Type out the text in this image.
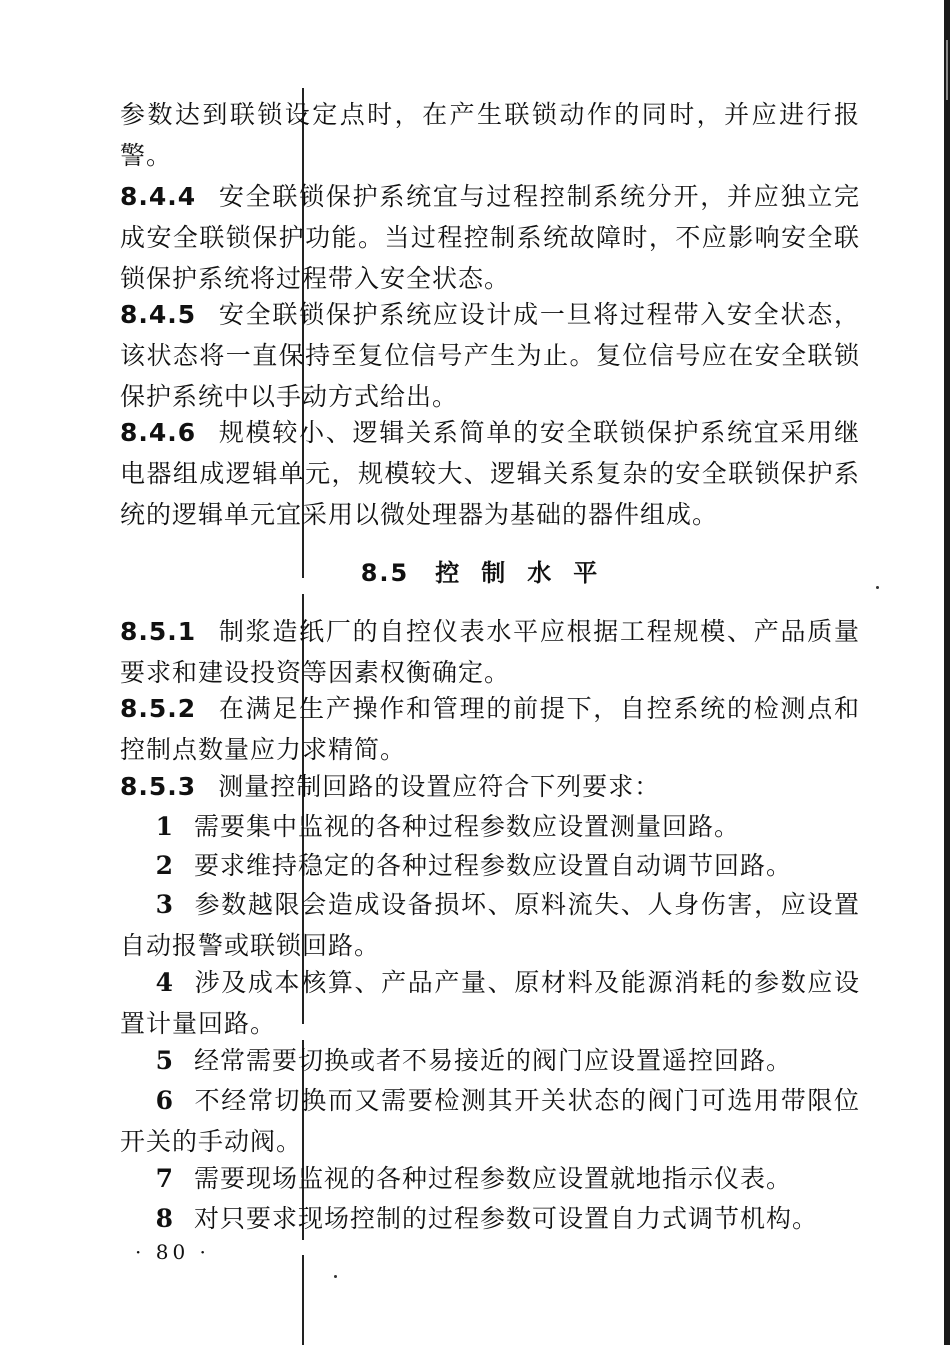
参数达到联锁设定点时，在产生联锁动作的同时，并应进行报警。

8.4.4 安全联锁保护系统宜与过程控制系统分开，并应独立完成安全联锁保护功能。当过程控制系统故障时，不应影响安全联锁保护系统将过程带入安全状态。

8.4.5 安全联锁保护系统应设计成一旦将过程带入安全状态，该状态将一直保持至复位信号产生为止。复位信号应在安全联锁保护系统中以手动方式给出。

8.4.6 规模较小、逻辑关系简单的安全联锁保护系统宜采用继电器组成逻辑单元，规模较大、逻辑关系复杂的安全联锁保护系统的逻辑单元宜采用以微处理器为基础的器件组成。

8.5 控制水平

8.5.1 制浆造纸厂的自控仪表水平应根据工程规模、产品质量要求和建设投资等因素权衡确定。

8.5.2 在满足生产操作和管理的前提下，自控系统的检测点和控制点数量应力求精简。

8.5.3 测量控制回路的设置应符合下列要求：

1 需要集中监视的各种过程参数应设置测量回路。

2 要求维持稳定的各种过程参数应设置自动调节回路。

3 参数越限会造成设备损坏、原料流失、人身伤害，应设置自动报警或联锁回路。

4 涉及成本核算、产品产量、原材料及能源消耗的参数应设置计量回路。

5 经常需要切换或者不易接近的阀门应设置遥控回路。

6 不经常切换而又需要检测其开关状态的阀门可选用带限位开关的手动阀。

7 需要现场监视的各种过程参数应设置就地指示仪表。

8 对只要求现场控制的过程参数可设置自力式调节机构。

· 80 ·
